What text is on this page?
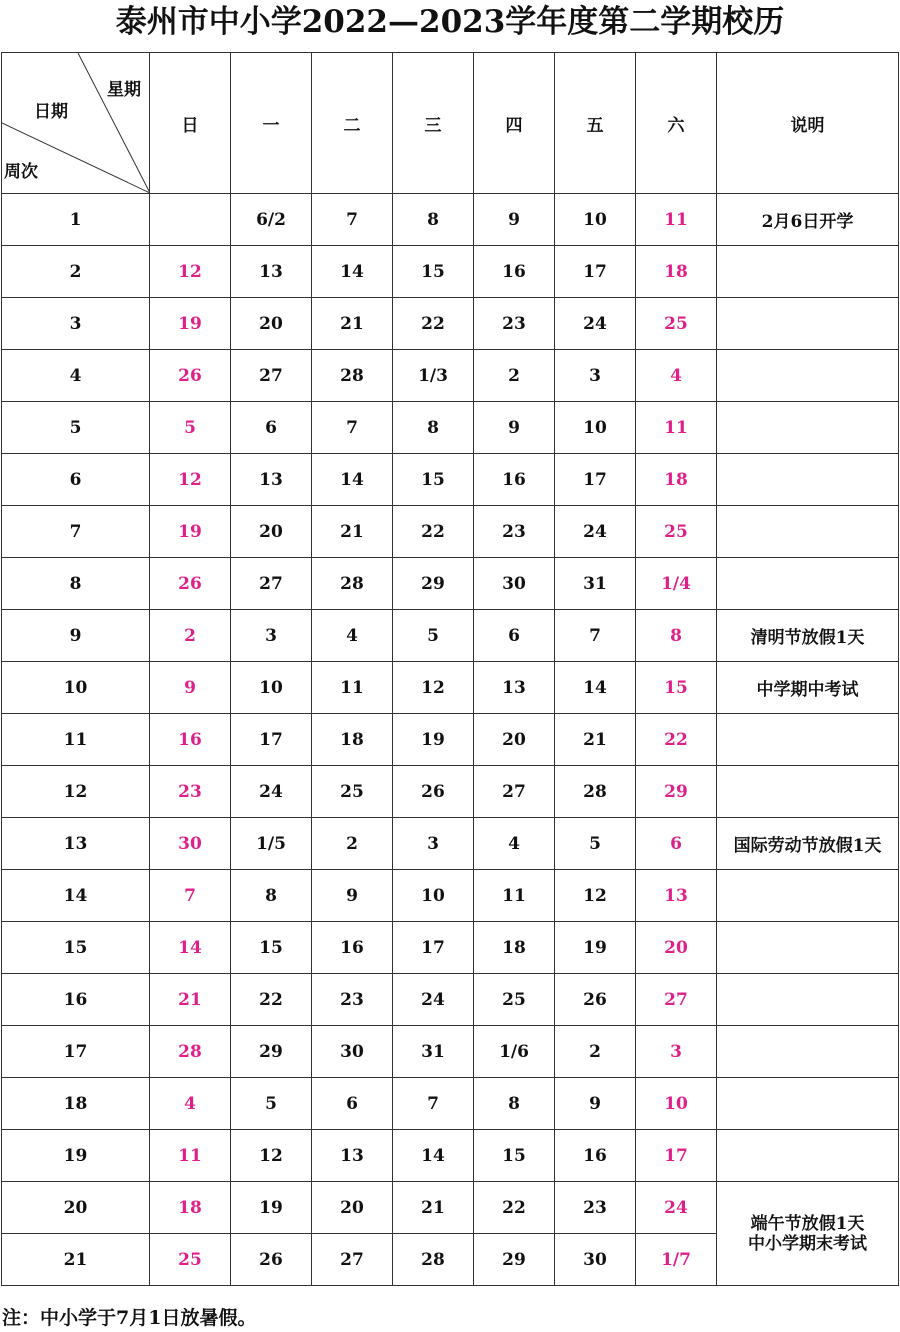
泰州市中小学2022—2023学年度第二学期校历
星期
日期
周次	日	一	二	三	四	五	六	说明
1		6/2	7	8	9	10	11	2月6日开学
2	12	13	14	15	16	17	18	
3	19	20	21	22	23	24	25	
4	26	27	28	1/3	2	3	4	
5	5	6	7	8	9	10	11	
6	12	13	14	15	16	17	18	
7	19	20	21	22	23	24	25	
8	26	27	28	29	30	31	1/4	
9	2	3	4	5	6	7	8	清明节放假1天
10	9	10	11	12	13	14	15	中学期中考试
11	16	17	18	19	20	21	22	
12	23	24	25	26	27	28	29	
13	30	1/5	2	3	4	5	6	国际劳动节放假1天
14	7	8	9	10	11	12	13	
15	14	15	16	17	18	19	20	
16	21	22	23	24	25	26	27	
17	28	29	30	31	1/6	2	3	
18	4	5	6	7	8	9	10	
19	11	12	13	14	15	16	17	
20	18	19	20	21	22	23	24	端午节放假1天
中小学期末考试

21	25	26	27	28	29	30	1/7	
注：中小学于7月1日放暑假。
